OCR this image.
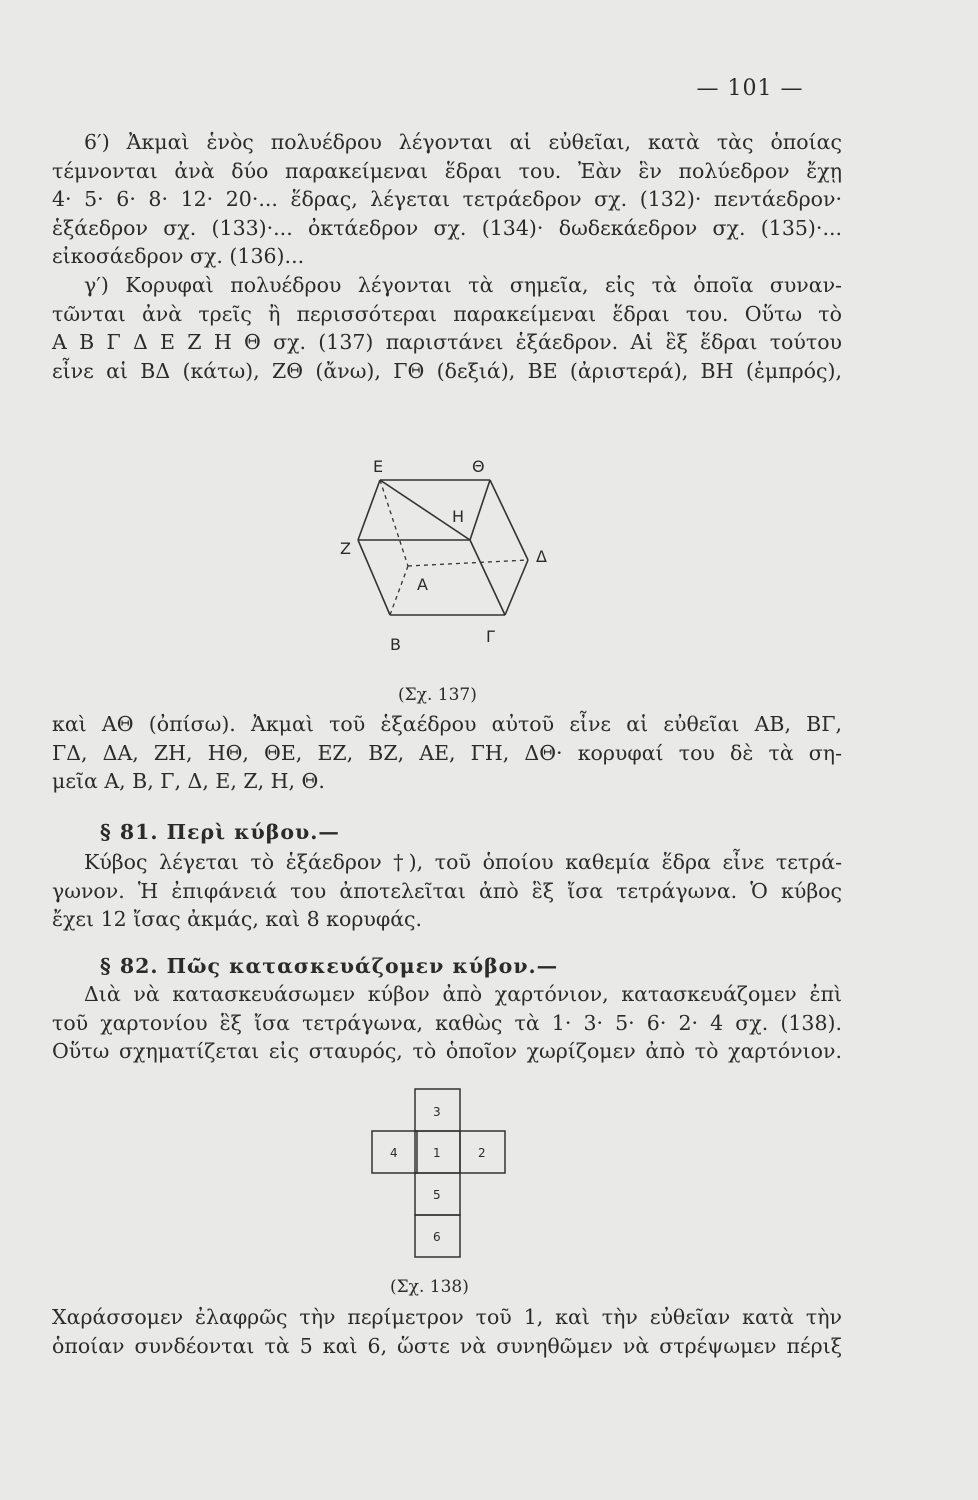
— 101 —
6′) Ἀκμαὶ ἑνὸς πολυέδρου λέγονται αἱ εὐθεῖαι, κατὰ τὰς ὁποίας
τέμνονται ἀνὰ δύο παρακείμεναι ἕδραι του. Ἐὰν ἓν πολύεδρον ἔχῃ
4· 5· 6· 8· 12· 20·... ἕδρας, λέγεται τετράεδρον σχ. (132)· πεντάεδρον·
ἑξάεδρον σχ. (133)·... ὀκτάεδρον σχ. (134)· δωδεκάεδρον σχ. (135)·...
εἰκοσάεδρον σχ. (136)...
γ′) Κορυφαὶ πολυέδρου λέγονται τὰ σημεῖα, εἰς τὰ ὁποῖα συναν-
τῶνται ἀνὰ τρεῖς ἢ περισσότεραι παρακείμεναι ἕδραι του. Οὕτω τὸ
Α Β Γ Δ Ε Ζ Η Θ σχ. (137) παριστάνει ἑξάεδρον. Αἱ ἓξ ἕδραι τούτου
εἶνε αἱ ΒΔ (κάτω), ΖΘ (ἄνω), ΓΘ (δεξιά), ΒΕ (ἀριστερά), ΒΗ (ἐμπρός),
Ε	Θ
Η
Ζ	Δ
Α
Β	Γ
(Σχ. 137)
καὶ ΑΘ (ὀπίσω). Ἀκμαὶ τοῦ ἑξαέδρου αὐτοῦ εἶνε αἱ εὐθεῖαι ΑΒ, ΒΓ,
ΓΔ, ΔΑ, ΖΗ, ΗΘ, ΘΕ, ΕΖ, ΒΖ, ΑΕ, ΓΗ, ΔΘ· κορυφαί του δὲ τὰ ση-
μεῖα Α, Β, Γ, Δ, Ε, Ζ, Η, Θ.
§ 81. Περὶ κύβου.—
Κύβος λέγεται τὸ ἑξάεδρον †), τοῦ ὁποίου καθεμία ἕδρα εἶνε τετρά-
γωνον. Ἡ ἐπιφάνειά του ἀποτελεῖται ἀπὸ ἓξ ἴσα τετράγωνα. Ὁ κύβος
ἔχει 12 ἴσας ἀκμάς, καὶ 8 κορυφάς.
§ 82. Πῶς κατασκευάζομεν κύβον.—
Διὰ νὰ κατασκευάσωμεν κύβον ἀπὸ χαρτόνιον, κατασκευάζομεν ἐπὶ
τοῦ χαρτονίου ἓξ ἴσα τετράγωνα, καθὼς τὰ 1· 3· 5· 6· 2· 4 σχ. (138).
Οὕτω σχηματίζεται εἰς σταυρός, τὸ ὁποῖον χωρίζομεν ἀπὸ τὸ χαρτόνιον.
3
4	1	2
5
6
(Σχ. 138)
Χαράσσομεν ἐλαφρῶς τὴν περίμετρον τοῦ 1, καὶ τὴν εὐθεῖαν κατὰ τὴν
ὁποίαν συνδέονται τὰ 5 καὶ 6, ὥστε νὰ συνηθῶμεν νὰ στρέψωμεν πέριξ
